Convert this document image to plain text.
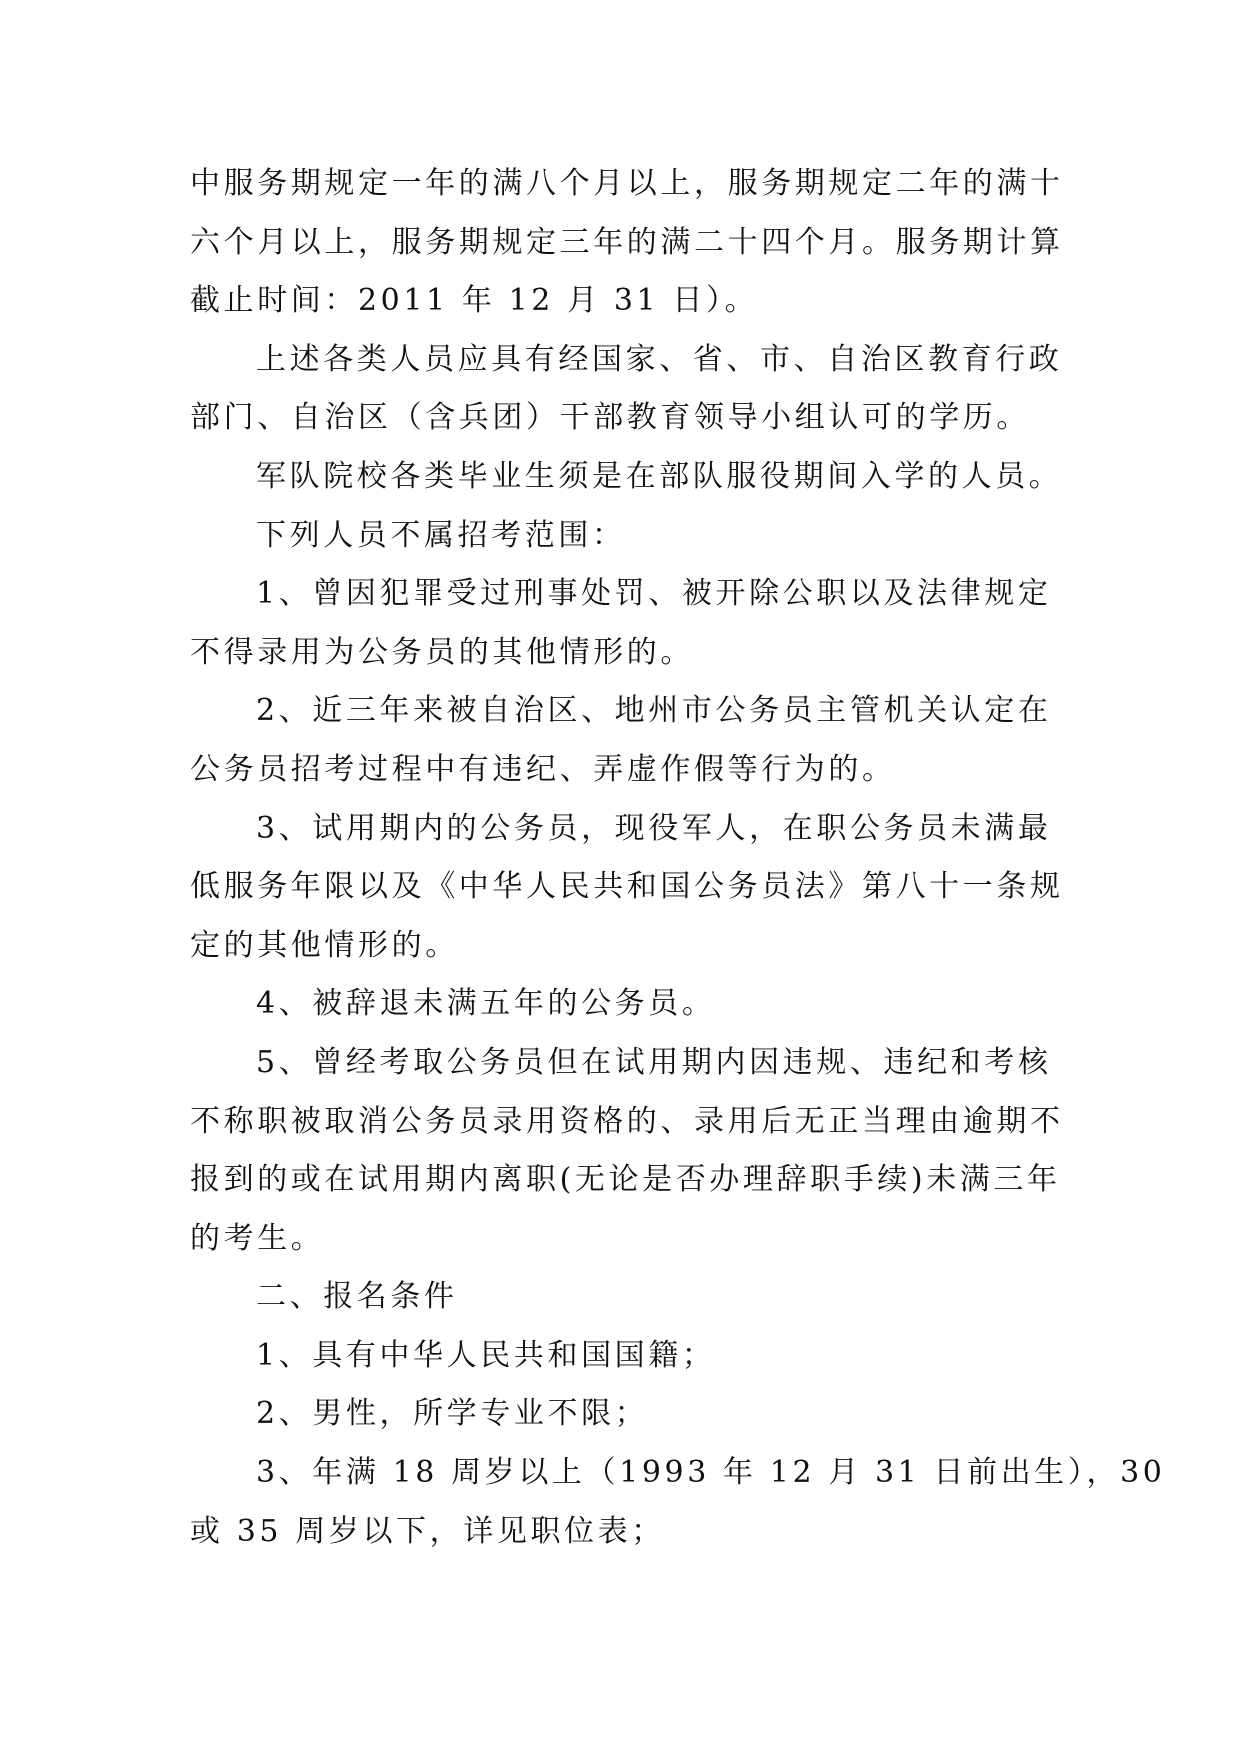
中服务期规定一年的满八个月以上，服务期规定二年的满十
六个月以上，服务期规定三年的满二十四个月。服务期计算
截止时间：2011 年 12 月 31 日）。
上述各类人员应具有经国家、省、市、自治区教育行政
部门、自治区（含兵团）干部教育领导小组认可的学历。
军队院校各类毕业生须是在部队服役期间入学的人员。
下列人员不属招考范围：
1、曾因犯罪受过刑事处罚、被开除公职以及法律规定
不得录用为公务员的其他情形的。
2、近三年来被自治区、地州市公务员主管机关认定在
公务员招考过程中有违纪、弄虚作假等行为的。
3、试用期内的公务员，现役军人，在职公务员未满最
低服务年限以及《中华人民共和国公务员法》第八十一条规
定的其他情形的。
4、被辞退未满五年的公务员。
5、曾经考取公务员但在试用期内因违规、违纪和考核
不称职被取消公务员录用资格的、录用后无正当理由逾期不
报到的或在试用期内离职(无论是否办理辞职手续)未满三年
的考生。
二、报名条件
1、具有中华人民共和国国籍；
2、男性，所学专业不限；
3、年满 18 周岁以上（1993 年 12 月 31 日前出生），30
或 35 周岁以下，详见职位表；
